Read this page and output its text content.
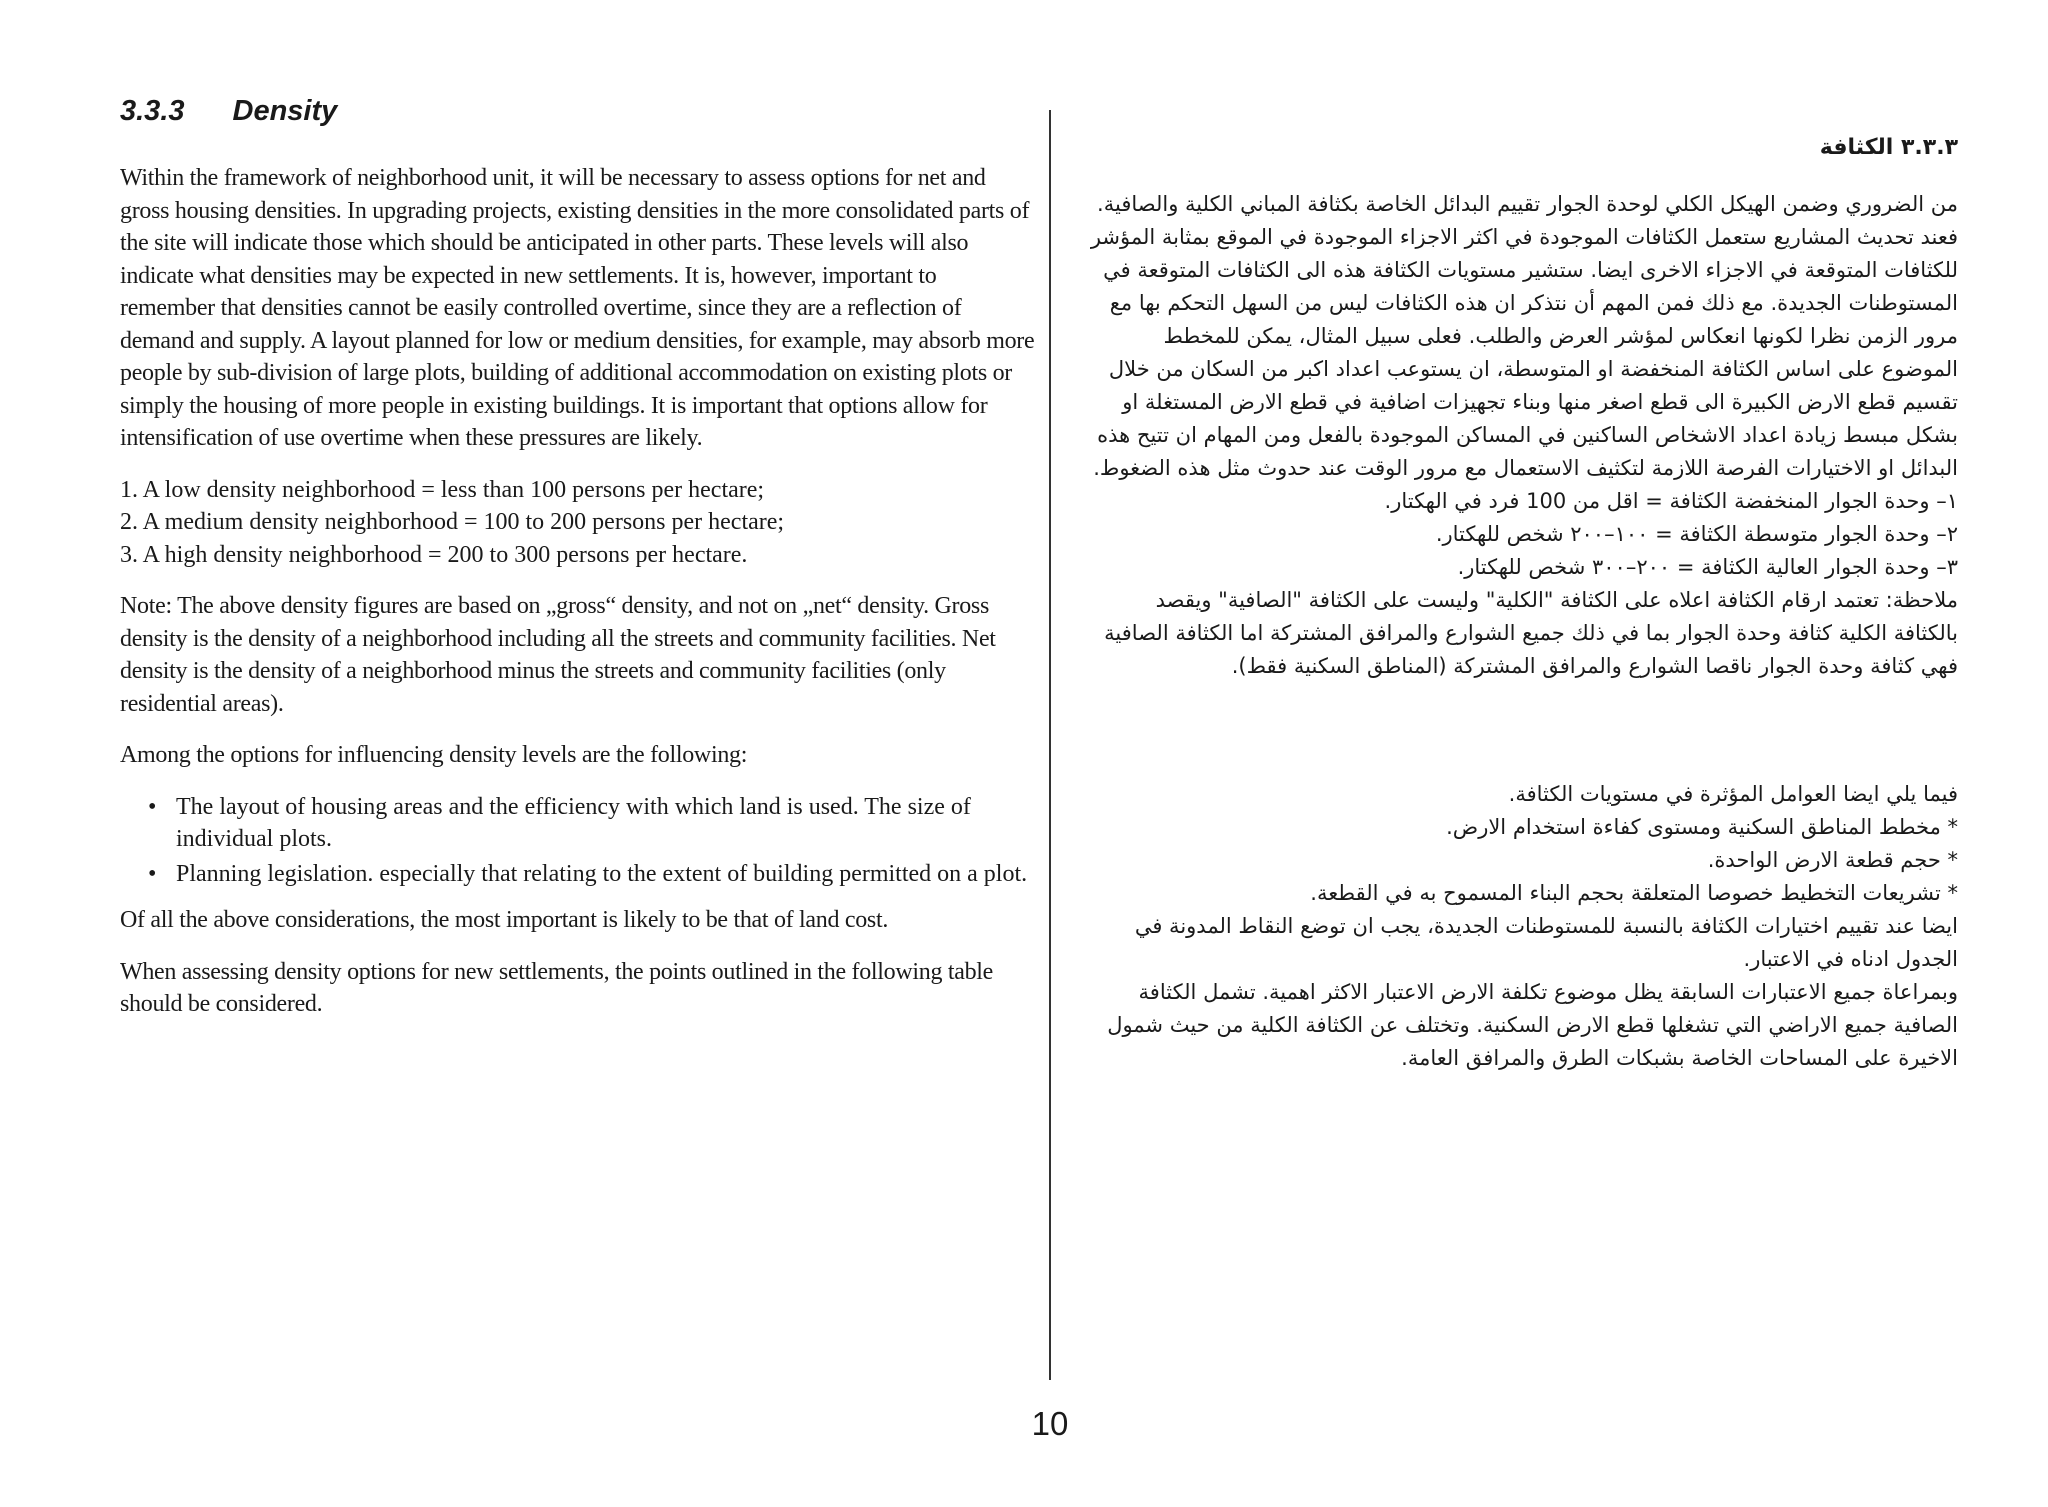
3.3.3 Density

Within the framework of neighborhood unit, it will be necessary to assess options for net and gross housing densities. In upgrading projects, existing densities in the more consolidated parts of the site will indicate those which should be anticipated in other parts. These levels will also indicate what densities may be expected in new settlements. It is, however, important to remember that densities cannot be easily controlled overtime, since they are a reflection of demand and supply. A layout planned for low or medium densities, for example, may absorb more people by sub-division of large plots, building of additional accommodation on existing plots or simply the housing of more people in existing buildings. It is important that options allow for intensification of use overtime when these pressures are likely.

1. A low density neighborhood = less than 100 persons per hectare;
2. A medium density neighborhood = 100 to 200 persons per hectare;
3. A high density neighborhood = 200 to 300 persons per hectare.

Note: The above density figures are based on „gross“ density, and not on „net“ density. Gross density is the density of a neighborhood including all the streets and community facilities. Net density is the density of a neighborhood minus the streets and community facilities (only residential areas).

Among the options for influencing density levels are the following:

• The layout of housing areas and the efficiency with which land is used. The size of individual plots.
• Planning legislation. especially that relating to the extent of building permitted on a plot.

Of all the above considerations, the most important is likely to be that of land cost.

When assessing density options for new settlements, the points outlined in the following table should be considered.

٣.٣.٣ الكثافة

من الضروري وضمن الهيكل الكلي لوحدة الجوار تقييم البدائل الخاصة بكثافة المباني الكلية والصافية. فعند تحديث المشاريع ستعمل الكثافات الموجودة في اكثر الاجزاء الموجودة في الموقع بمثابة المؤشر للكثافات المتوقعة في الاجزاء الاخرى ايضا. ستشير مستويات الكثافة هذه الى الكثافات المتوقعة في المستوطنات الجديدة. مع ذلك فمن المهم أن نتذكر ان هذه الكثافات ليس من السهل التحكم بها مع مرور الزمن نظرا لكونها انعكاس لمؤشر العرض والطلب. فعلى سبيل المثال، يمكن للمخطط الموضوع على اساس الكثافة المنخفضة او المتوسطة، ان يستوعب اعداد اكبر من السكان من خلال تقسيم قطع الارض الكبيرة الى قطع اصغر منها وبناء تجهيزات اضافية في قطع الارض المستغلة او بشكل مبسط زيادة اعداد الاشخاص الساكنين في المساكن الموجودة بالفعل ومن المهام ان تتيح هذه البدائل او الاختيارات الفرصة اللازمة لتكثيف الاستعمال مع مرور الوقت عند حدوث مثل هذه الضغوط.

١– وحدة الجوار المنخفضة الكثافة = اقل من 100 فرد في الهكتار.
٢– وحدة الجوار متوسطة الكثافة = ١٠٠–٢٠٠ شخص للهكتار.
٣– وحدة الجوار العالية الكثافة = ٢٠٠–٣٠٠ شخص للهكتار.

ملاحظة: تعتمد ارقام الكثافة اعلاه على الكثافة "الكلية" وليست على الكثافة "الصافية" ويقصد بالكثافة الكلية كثافة وحدة الجوار بما في ذلك جميع الشوارع والمرافق المشتركة اما الكثافة الصافية فهي كثافة وحدة الجوار ناقصا الشوارع والمرافق المشتركة (المناطق السكنية فقط).

فيما يلي ايضا العوامل المؤثرة في مستويات الكثافة.

* مخطط المناطق السكنية ومستوى كفاءة استخدام الارض.
* حجم قطعة الارض الواحدة.
* تشريعات التخطيط خصوصا المتعلقة بحجم البناء المسموح به في القطعة.

ايضا عند تقييم اختيارات الكثافة بالنسبة للمستوطنات الجديدة، يجب ان توضع النقاط المدونة في الجدول ادناه في الاعتبار.

وبمراعاة جميع الاعتبارات السابقة يظل موضوع تكلفة الارض الاعتبار الاكثر اهمية. تشمل الكثافة الصافية جميع الاراضي التي تشغلها قطع الارض السكنية. وتختلف عن الكثافة الكلية من حيث شمول الاخيرة على المساحات الخاصة بشبكات الطرق والمرافق العامة.

10
